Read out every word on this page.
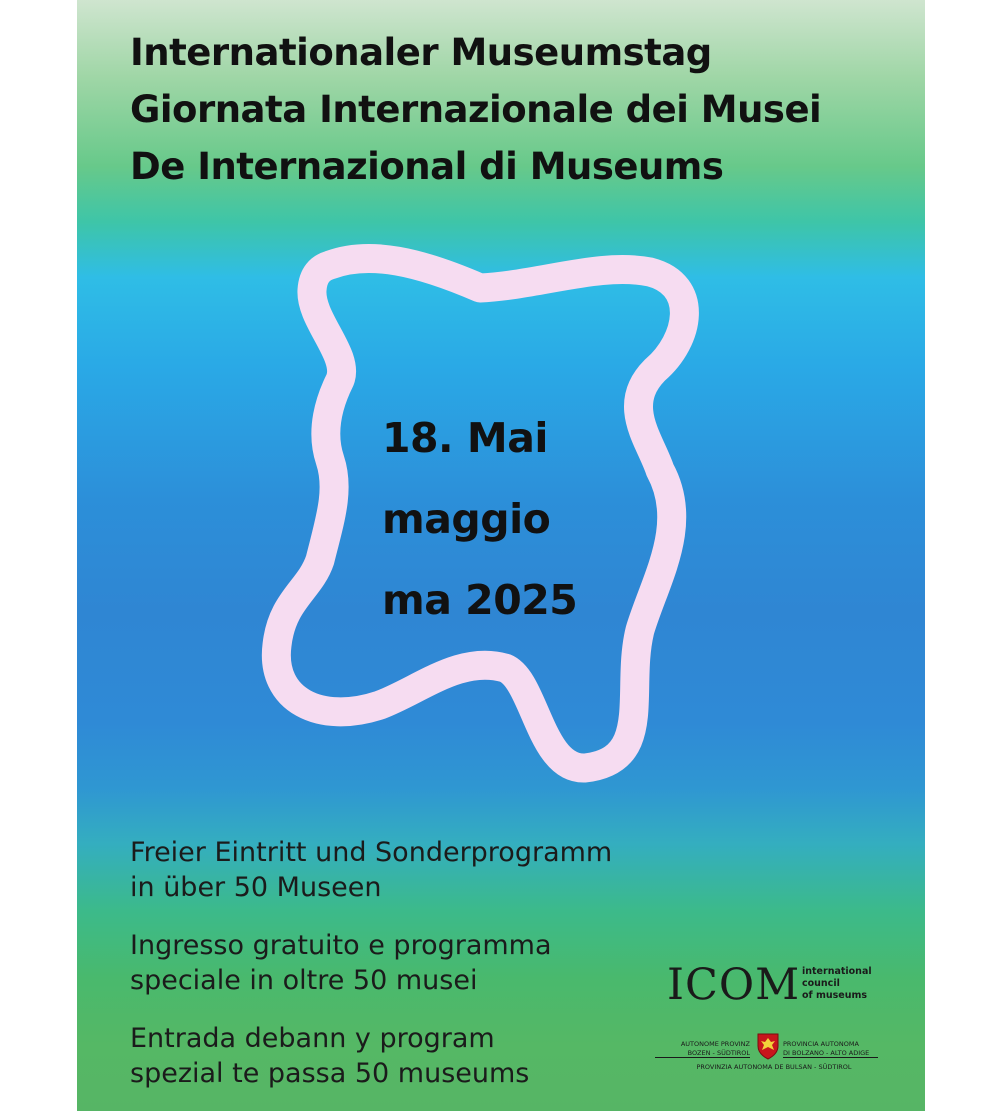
Internationaler Museumstag
Giornata Internazionale dei Musei
De Internazional di Museums
18. Mai
maggio
ma 2025
Freier Eintritt und Sonderprogramm
in über 50 Museen
Ingresso gratuito e programma
speciale in oltre 50 musei
Entrada debann y program
spezial te passa 50 museums
ICOM international
council
of museums
AUTONOME PROVINZ
BOZEN - SÜDTIROL
PROVINCIA AUTONOMA
DI BOLZANO - ALTO ADIGE
PROVINZIA AUTONOMA DE BULSAN - SÜDTIROL
